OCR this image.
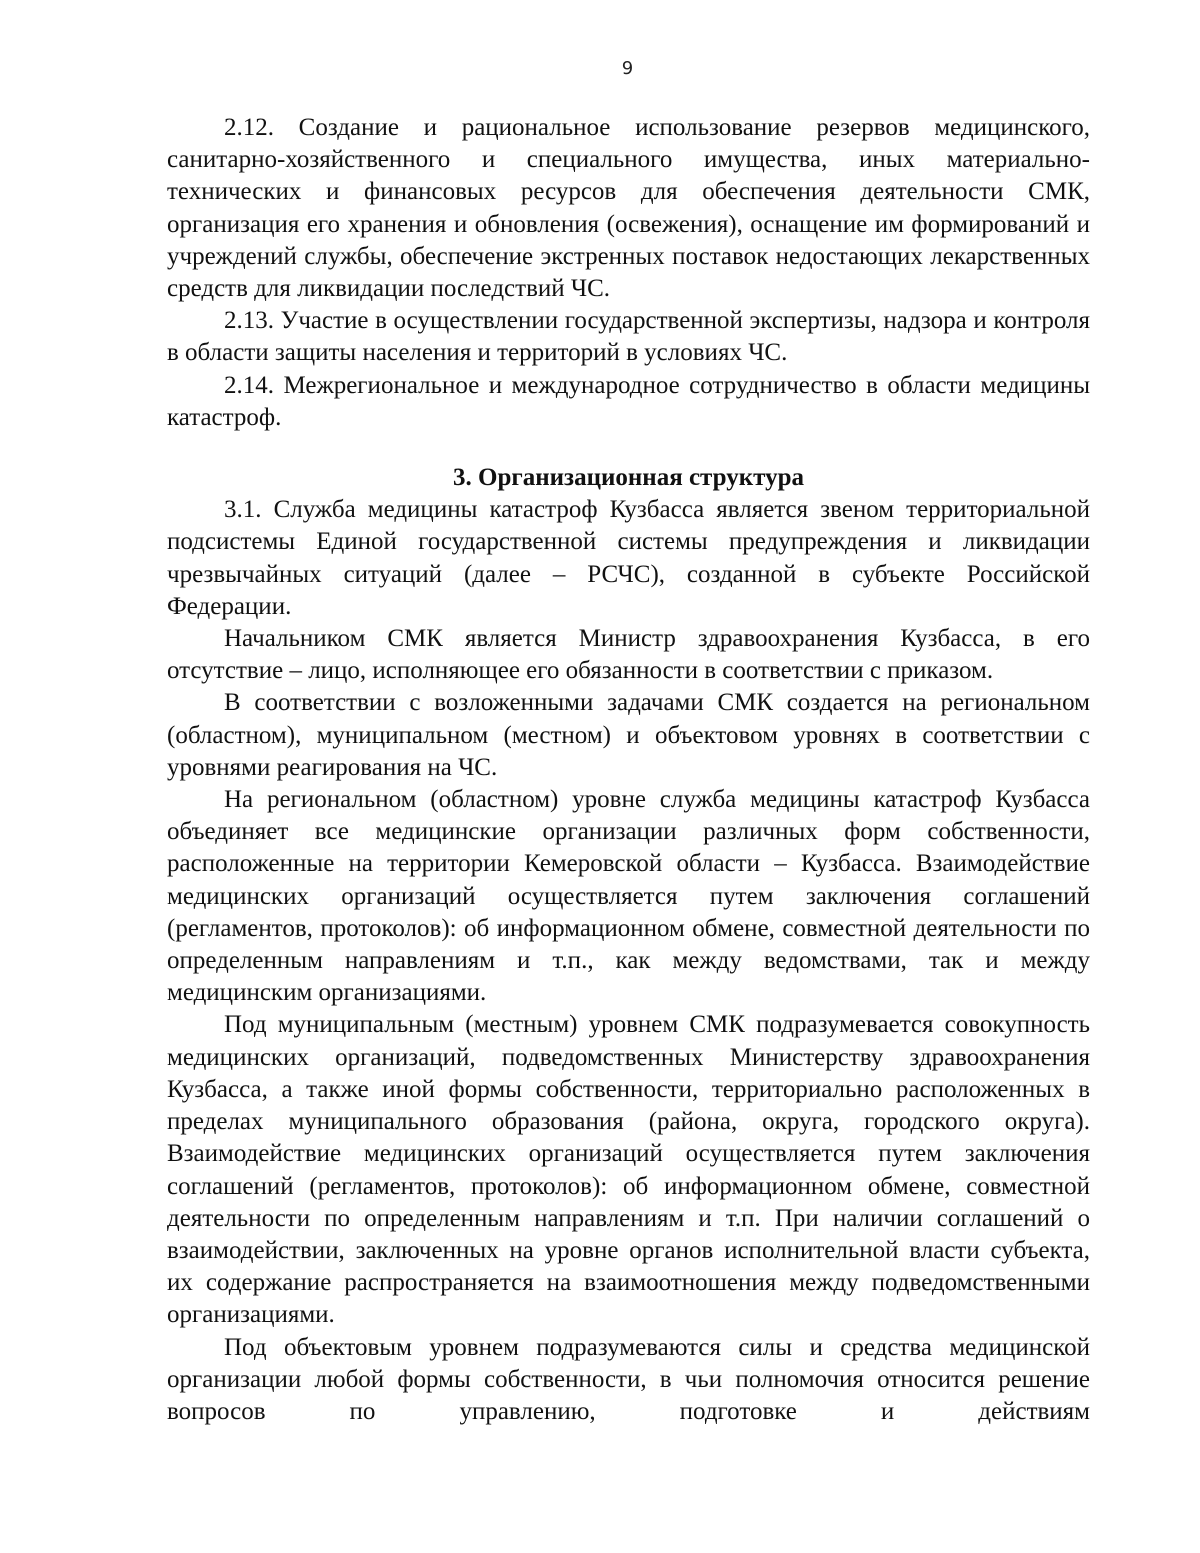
9

2.12. Создание и рациональное использование резервов медицинского, санитарно-хозяйственного и специального имущества, иных материально-технических и финансовых ресурсов для обеспечения деятельности СМК, организация его хранения и обновления (освежения), оснащение им формирований и учреждений службы, обеспечение экстренных поставок недостающих лекарственных средств для ликвидации последствий ЧС.

2.13. Участие в осуществлении государственной экспертизы, надзора и контроля в области защиты населения и территорий в условиях ЧС.

2.14. Межрегиональное и международное сотрудничество в области медицины катастроф.

3. Организационная структура

3.1. Служба медицины катастроф Кузбасса является звеном территориальной подсистемы Единой государственной системы предупреждения и ликвидации чрезвычайных ситуаций (далее – РСЧС), созданной в субъекте Российской Федерации.

Начальником СМК является Министр здравоохранения Кузбасса, в его отсутствие – лицо, исполняющее его обязанности в соответствии с приказом.

В соответствии с возложенными задачами СМК создается на региональном (областном), муниципальном (местном) и объектовом уровнях в соответствии с уровнями реагирования на ЧС.

На региональном (областном) уровне служба медицины катастроф Кузбасса объединяет все медицинские организации различных форм собственности, расположенные на территории Кемеровской области – Кузбасса. Взаимодействие медицинских организаций осуществляется путем заключения соглашений (регламентов, протоколов): об информационном обмене, совместной деятельности по определенным направлениям и т.п., как между ведомствами, так и между медицинским организациями.

Под муниципальным (местным) уровнем СМК подразумевается совокупность медицинских организаций, подведомственных Министерству здравоохранения Кузбасса, а также иной формы собственности, территориально расположенных в пределах муниципального образования (района, округа, городского округа). Взаимодействие медицинских организаций осуществляется путем заключения соглашений (регламентов, протоколов): об информационном обмене, совместной деятельности по определенным направлениям и т.п. При наличии соглашений о взаимодействии, заключенных на уровне органов исполнительной власти субъекта, их содержание распространяется на взаимоотношения между подведомственными организациями.

Под объектовым уровнем подразумеваются силы и средства медицинской организации любой формы собственности, в чьи полномочия относится решение вопросов по управлению, подготовке и действиям
